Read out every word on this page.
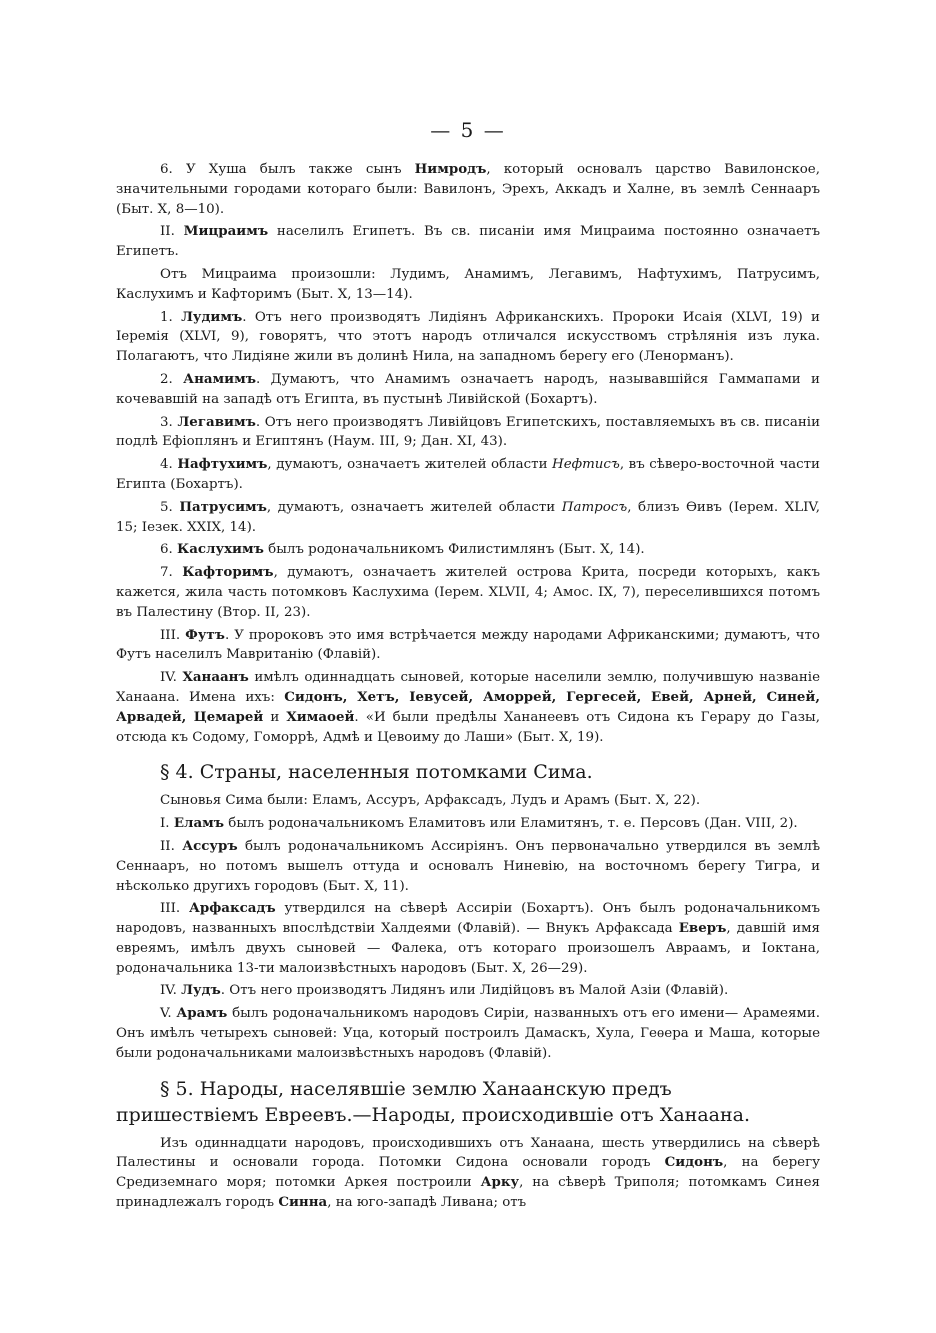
— 5 —

6. У Хуша былъ также сынъ Нимродъ, который основалъ царство Вавилонское, значительными городами котораго были: Вавилонъ, Эрехъ, Аккадъ и Халне, въ землѣ Сеннааръ (Быт. X, 8—10).

II. Мицраимъ населилъ Египетъ. Въ св. писаніи имя Мицраима постоянно означаетъ Египетъ.

Отъ Мицраима произошли: Лудимъ, Анамимъ, Легавимъ, Нафтухимъ, Патрусимъ, Каслухимъ и Кафторимъ (Быт. X, 13—14).

1. Лудимъ. Отъ него производятъ Лидіянъ Африканскихъ. Пророки Исаія (XLVI, 19) и Іеремія (XLVI, 9), говорятъ, что этотъ народъ отличался искусствомъ стрѣлянія изъ лука. Полагаютъ, что Лидіяне жили въ долинѣ Нила, на западномъ берегу его (Ленорманъ).

2. Анамимъ. Думаютъ, что Анамимъ означаетъ народъ, называвшійся Гаммапами и кочевавшій на западѣ отъ Египта, въ пустынѣ Ливійской (Бохартъ).

3. Легавимъ. Отъ него производятъ Ливійцовъ Египетскихъ, поставляемыхъ въ св. писаніи подлѣ Ефіоплянъ и Египтянъ (Наум. III, 9; Дан. XI, 43).

4. Нафтухимъ, думаютъ, означаетъ жителей области Нефтисъ, въ сѣверо-восточной части Египта (Бохартъ).

5. Патрусимъ, думаютъ, означаетъ жителей области Патросъ, близъ Ѳивъ (Іерем. XLIV, 15; Іезек. XXIX, 14).

6. Каслухимъ былъ родоначальникомъ Филистимлянъ (Быт. X, 14).

7. Кафторимъ, думаютъ, означаетъ жителей острова Крита, посреди которыхъ, какъ кажется, жила часть потомковъ Каслухима (Іерем. XLVII, 4; Амос. IX, 7), переселившихся потомъ въ Палестину (Втор. II, 23).

III. Футъ. У пророковъ это имя встрѣчается между народами Африканскими; думаютъ, что Футъ населилъ Мавританію (Флавій).

IV. Ханаанъ имѣлъ одиннадцать сыновей, которые населили землю, получившую названіе Ханаана. Имена ихъ: Сидонъ, Хетъ, Іевусей, Аморрей, Гергесей, Евей, Арней, Синей, Арвадей, Цемарей и Химаоей. «И были предѣлы Хананеевъ отъ Сидона къ Герару до Газы, отсюда къ Содому, Гоморрѣ, Адмѣ и Цевоиму до Лаши» (Быт. X, 19).

§ 4. Страны, населенныя потомками Сима.

Сыновья Сима были: Еламъ, Ассуръ, Арфаксадъ, Лудъ и Арамъ (Быт. X, 22).

I. Еламъ былъ родоначальникомъ Еламитовъ или Еламитянъ, т. е. Персовъ (Дан. VIII, 2).

II. Ассуръ былъ родоначальникомъ Ассиріянъ. Онъ первоначально утвердился въ землѣ Сеннааръ, но потомъ вышелъ оттуда и основалъ Ниневію, на восточномъ берегу Тигра, и нѣсколько другихъ городовъ (Быт. X, 11).

III. Арфаксадъ утвердился на сѣверѣ Ассиріи (Бохартъ). Онъ былъ родоначальникомъ народовъ, названныхъ впослѣдствіи Халдеями (Флавій). — Внукъ Арфаксада Еверъ, давшій имя евреямъ, имѣлъ двухъ сыновей — Фалека, отъ котораго произошелъ Авраамъ, и Іоктана, родоначальника 13-ти малоизвѣстныхъ народовъ (Быт. X, 26—29).

IV. Лудъ. Отъ него производятъ Лидянъ или Лидійцовъ въ Малой Азіи (Флавій).

V. Арамъ былъ родоначальникомъ народовъ Сиріи, названныхъ отъ его имени— Арамеями. Онъ имѣлъ четырехъ сыновей: Уца, который построилъ Дамаскъ, Хула, Геѳера и Маша, которые были родоначальниками малоизвѣстныхъ народовъ (Флавій).

§ 5. Народы, населявшіе землю Ханаанскую предъ пришествіемъ Евреевъ.—Народы, происходившіе отъ Ханаана.

Изъ одиннадцати народовъ, происходившихъ отъ Ханаана, шесть утвердились на сѣверѣ Палестины и основали города. Потомки Сидона основали городъ Сидонъ, на берегу Средиземнаго моря; потомки Аркея построили Арку, на сѣверѣ Триполя; потомкамъ Синея принадлежалъ городъ Синна, на юго-западѣ Ливана; отъ
